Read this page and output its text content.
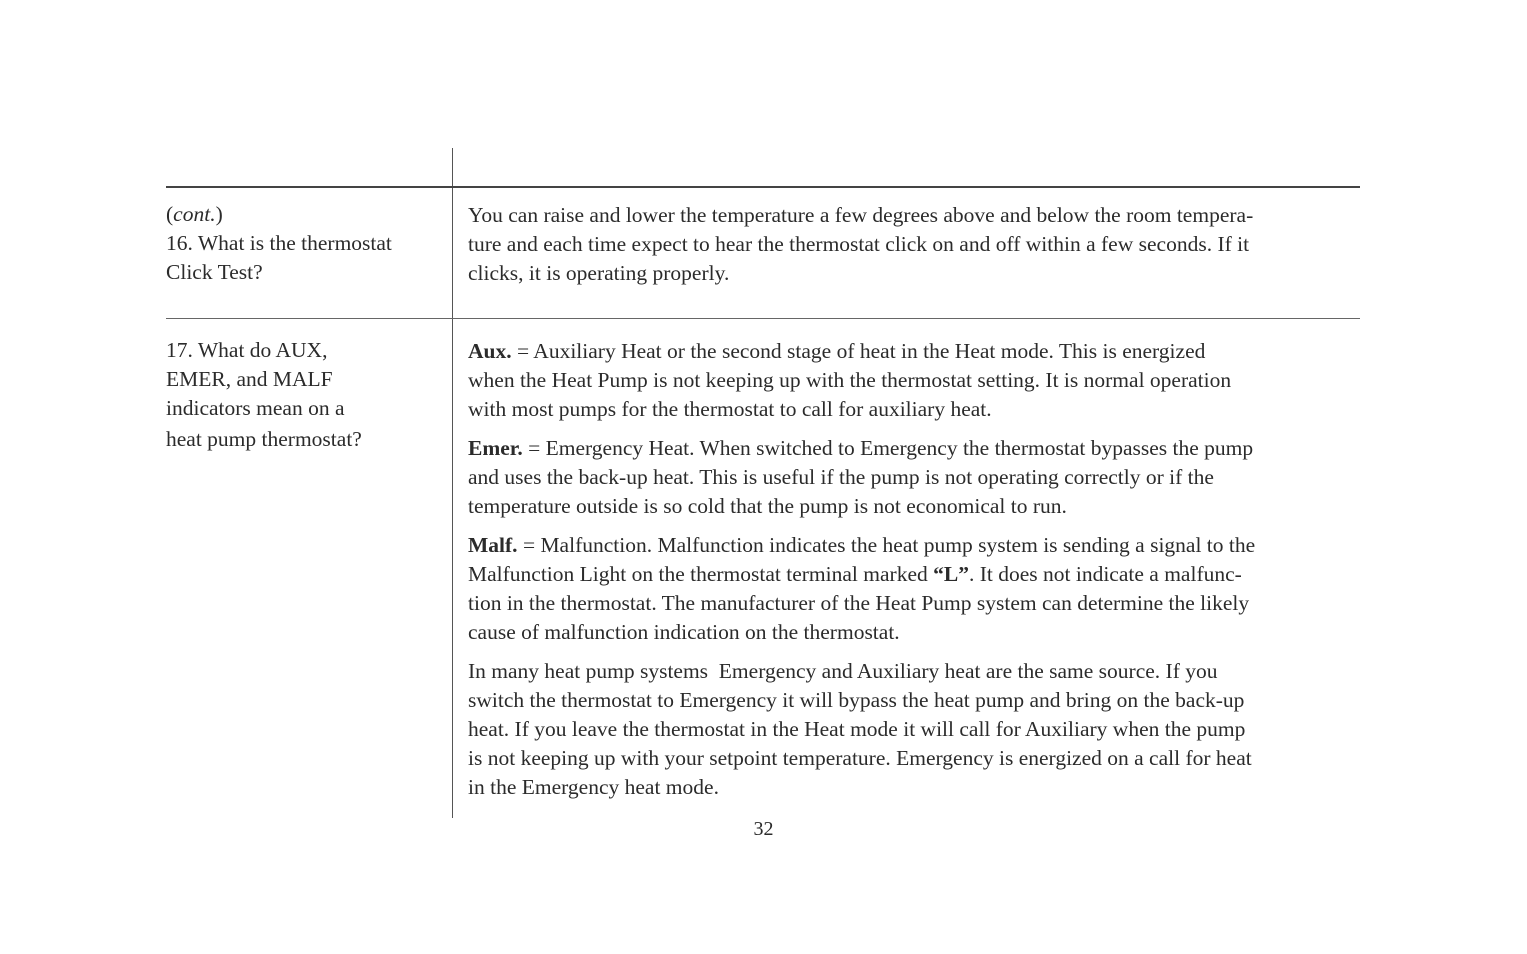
(cont.)
16. What is the thermostat
Click Test?
You can raise and lower the temperature a few degrees above and below the room tempera-
ture and each time expect to hear the thermostat click on and off within a few seconds. If it
clicks, it is operating properly.
17. What do AUX,
EMER, and MALF
indicators mean on a
heat pump thermostat?

Aux. = Auxiliary Heat or the second stage of heat in the Heat mode. This is energized
when the Heat Pump is not keeping up with the thermostat setting. It is normal operation
with most pumps for the thermostat to call for auxiliary heat.

Emer. = Emergency Heat. When switched to Emergency the thermostat bypasses the pump
and uses the back-up heat. This is useful if the pump is not operating correctly or if the
temperature outside is so cold that the pump is not economical to run.

Malf. = Malfunction. Malfunction indicates the heat pump system is sending a signal to the
Malfunction Light on the thermostat terminal marked “L”. It does not indicate a malfunc-
tion in the thermostat. The manufacturer of the Heat Pump system can determine the likely
cause of malfunction indication on the thermostat.

In many heat pump systems  Emergency and Auxiliary heat are the same source. If you
switch the thermostat to Emergency it will bypass the heat pump and bring on the back-up
heat. If you leave the thermostat in the Heat mode it will call for Auxiliary when the pump
is not keeping up with your setpoint temperature. Emergency is energized on a call for heat
in the Emergency heat mode.

32
